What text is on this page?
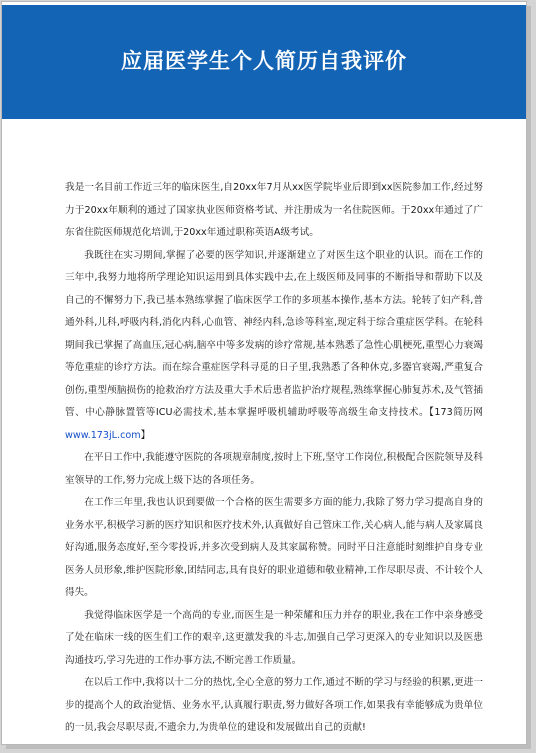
应届医学生个人简历自我评价

我是一名目前工作近三年的临床医生,自20xx年7月从xx医学院毕业后即到xx医院参加工作,经过努力于20xx年顺利的通过了国家执业医师资格考试、并注册成为一名住院医师。于20xx年通过了广东省住院医师规范化培训,于20xx年通过职称英语A级考试。

我既往在实习期间,掌握了必要的医学知识,并逐渐建立了对医生这个职业的认识。而在工作的三年中,我努力地将所学理论知识运用到具体实践中去,在上级医师及同事的不断指导和帮助下以及自己的不懈努力下,我已基本熟练掌握了临床医学工作的多项基本操作,基本方法。轮转了妇产科,普通外科,儿科,呼吸内科,消化内科,心血管、神经内科,急诊等科室,现定科于综合重症医学科。在轮科期间我已掌握了高血压,冠心病,脑卒中等多发病的诊疗常规,基本熟悉了急性心肌梗死,重型心力衰竭等危重症的诊疗方法。而在综合重症医学科寻觅的日子里,我熟悉了各种休克,多器官衰竭,严重复合创伤,重型颅脑损伤的抢救治疗方法及重大手术后患者监护治疗规程,熟练掌握心肺复苏术,及气管插管、中心静脉置管等ICU必需技术,基本掌握呼吸机辅助呼吸等高级生命支持技术。【173简历网 www.173jL.com】

在平日工作中,我能遵守医院的各项规章制度,按时上下班,坚守工作岗位,积极配合医院领导及科室领导的工作,努力完成上级下达的各项任务。

在工作三年里,我也认识到要做一个合格的医生需要多方面的能力,我除了努力学习提高自身的业务水平,积极学习新的医疗知识和医疗技术外,认真做好自己管床工作,关心病人,能与病人及家属良好沟通,服务态度好,至今零投诉,并多次受到病人及其家属称赞。同时平日注意能时刻维护自身专业医务人员形象,维护医院形象,团结同志,具有良好的职业道德和敬业精神,工作尽职尽责、不计较个人得失。

我觉得临床医学是一个高尚的专业,而医生是一种荣耀和压力并存的职业,我在工作中亲身感受了处在临床一线的医生们工作的艰辛,这更激发我的斗志,加强自己学习更深入的专业知识以及医患沟通技巧,学习先进的工作办事方法,不断完善工作质量。

在以后工作中,我将以十二分的热忱,全心全意的努力工作,通过不断的学习与经验的积累,更进一步的提高个人的政治觉悟、业务水平,认真履行职责,努力做好各项工作,如果我有幸能够成为贵单位的一员,我会尽职尽责,不遗余力,为贵单位的建设和发展做出自己的贡献!
